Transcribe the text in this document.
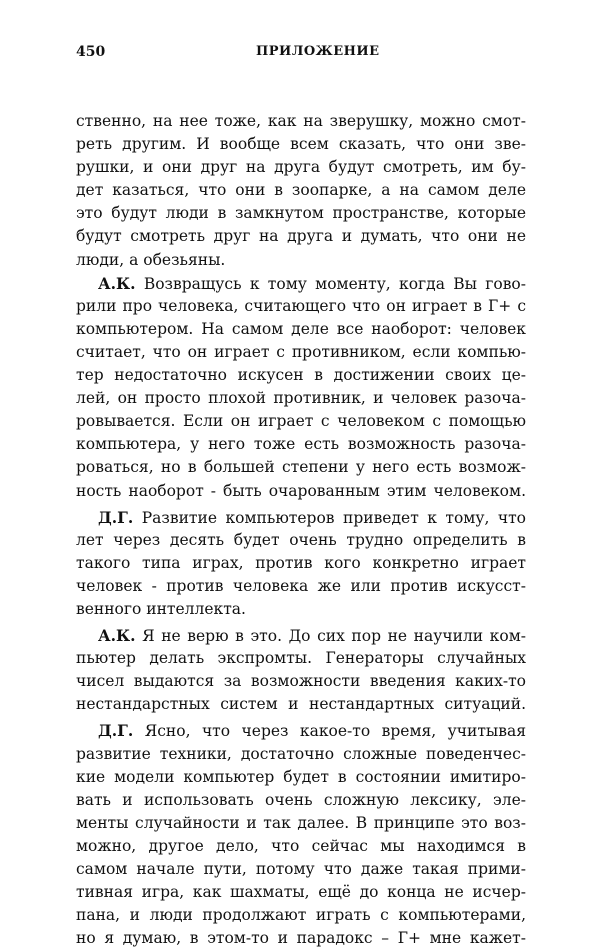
450	ПРИЛОЖЕНИЕ
ственно, на нее тоже, как на зверушку, можно смот-
реть другим. И вообще всем сказать, что они зве-
рушки, и они друг на друга будут смотреть, им бу-
дет казаться, что они в зоопарке, а на самом деле
это будут люди в замкнутом пространстве, которые
будут смотреть друг на друга и думать, что они не
люди, а обезьяны.
А.К. Возвращусь к тому моменту, когда Вы гово-
рили про человека, считающего что он играет в Г+ с
компьютером. На самом деле все наоборот: человек
считает, что он играет с противником, если компью-
тер недостаточно искусен в достижении своих це-
лей, он просто плохой противник, и человек разоча-
ровывается. Если он играет с человеком с помощью
компьютера, у него тоже есть возможность разоча-
роваться, но в большей степени у него есть возмож-
ность наоборот - быть очарованным этим человеком.
Д.Г. Развитие компьютеров приведет к тому, что
лет через десять будет очень трудно определить в
такого типа играх, против кого конкретно играет
человек - против человека же или против искусст-
венного интеллекта.
А.К. Я не верю в это. До сих пор не научили ком-
пьютер делать экспромты. Генераторы случайных
чисел выдаются за возможности введения каких-то
нестандарстных систем и нестандартных ситуаций.
Д.Г. Ясно, что через какое-то время, учитывая
развитие техники, достаточно сложные поведенчес-
кие модели компьютер будет в состоянии имитиро-
вать и использовать очень сложную лексику, эле-
менты случайности и так далее. В принципе это воз-
можно, другое дело, что сейчас мы находимся в
самом начале пути, потому что даже такая прими-
тивная игра, как шахматы, ещё до конца не исчер-
пана, и люди продолжают играть с компьютерами,
но я думаю, в этом-то и парадокс – Г+ мне кажет-
